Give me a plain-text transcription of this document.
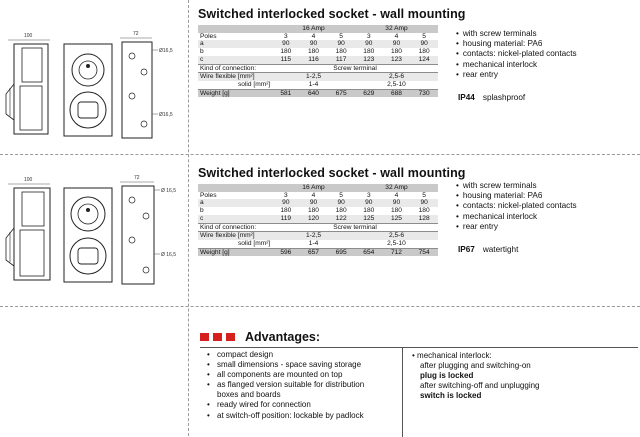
100	72
Ø16,5
Ø16,5
100	72
Ø 16,5
Ø 16,5
Switched interlocked socket - wall mounting
	16 Amp			32 Amp		
Poles	3	4	5	3	4	5
a	90	90	90	90	90	90
b	180	180	180	180	180	180
c	115	116	117	123	123	124
Kind of connection:	Screw terminal					
Wire flexible [mm²]	1-2,5			2,5-6		
solid [mm²]	1-4			2,5-10		
Weight [g]	581	640	675	629	688	730
• with screw terminals
• housing material: PA6
• contacts: nickel-plated contacts
• mechanical interlock
• rear entry
IP44 splashproof
Switched interlocked socket - wall mounting
	16 Amp			32 Amp		
Poles	3	4	5	3	4	5
a	90	90	90	90	90	90
b	180	180	180	180	180	180
c	119	120	122	125	125	128
Kind of connection:	Screw terminal					
Wire flexible [mm²]	1-2,5			2,5-6		
solid [mm²]	1-4			2,5-10		
Weight [g]	596	657	695	654	712	754
• with screw terminals
• housing material: PA6
• contacts: nickel-plated contacts
• mechanical interlock
• rear entry
IP67 watertight
Advantages:
• compact design
• small dimensions - space saving storage
• all components are mounted on top
• as flanged version suitable for distribution
boxes and boards
• ready wired for connection
• at switch-off position: lockable by padlock
• mechanical interlock:
after plugging and switching-on
plug is locked
after switching-off and unplugging
switch is locked
